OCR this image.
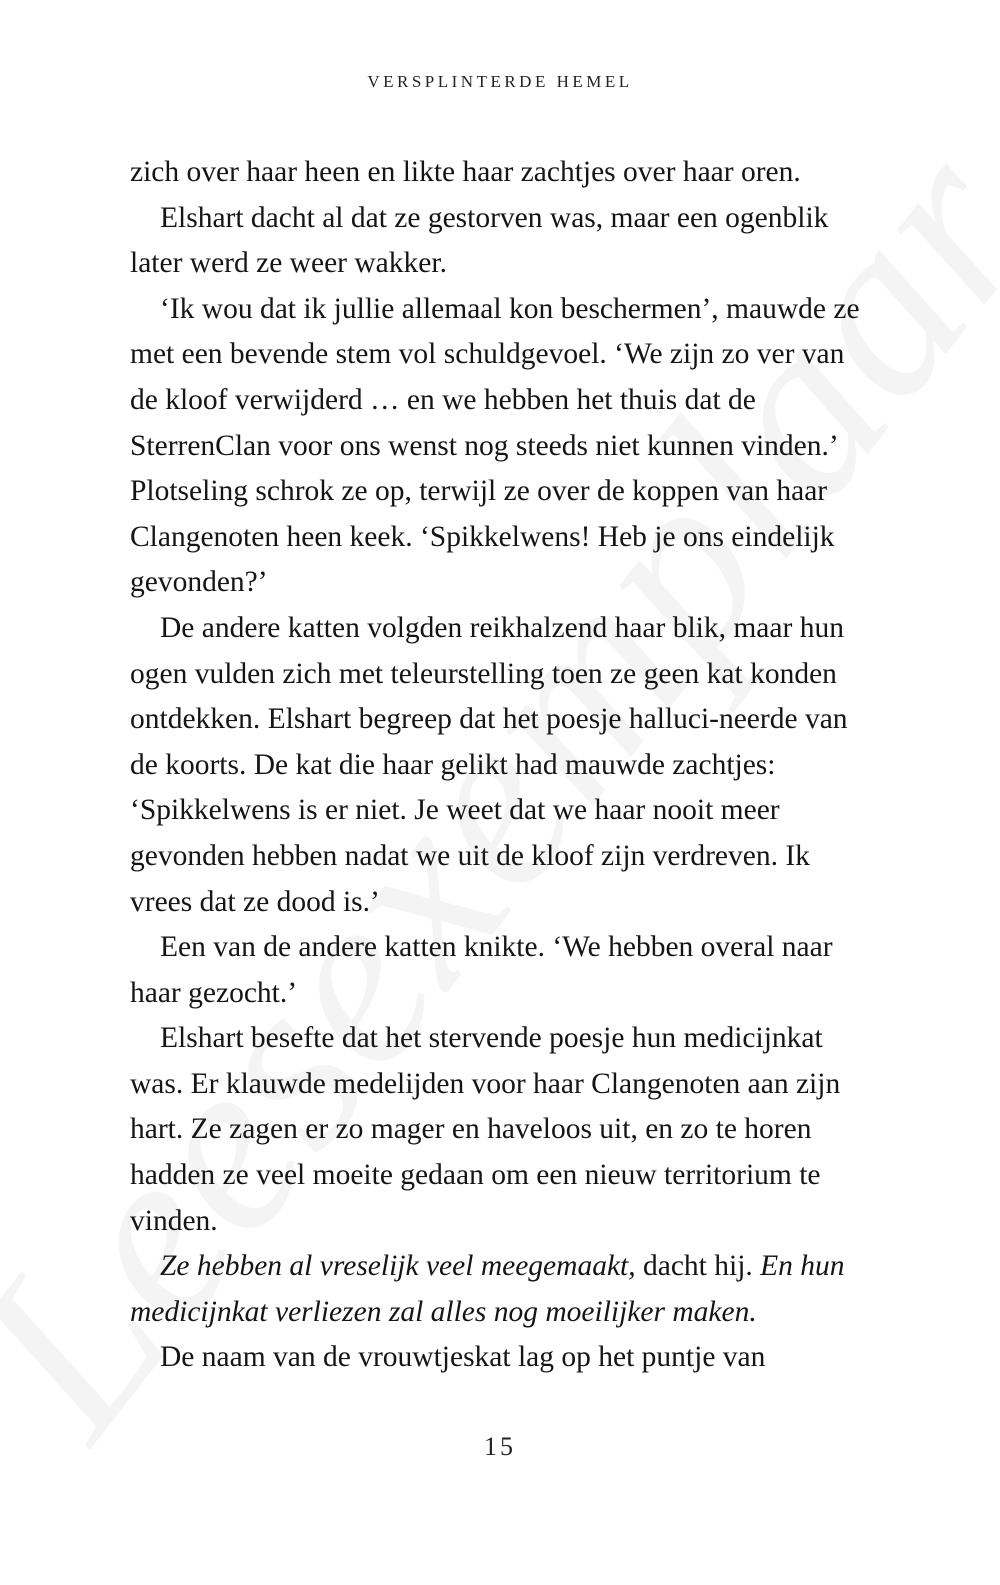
VERSPLINTERDE HEMEL

zich over haar heen en likte haar zachtjes over haar oren.

Elshart dacht al dat ze gestorven was, maar een ogenblik later werd ze weer wakker.

‘Ik wou dat ik jullie allemaal kon beschermen’, mauwde ze met een bevende stem vol schuldgevoel. ‘We zijn zo ver van de kloof verwijderd … en we hebben het thuis dat de SterrenClan voor ons wenst nog steeds niet kunnen vinden.’ Plotseling schrok ze op, terwijl ze over de koppen van haar Clangenoten heen keek. ‘Spikkelwens! Heb je ons eindelijk gevonden?’

De andere katten volgden reikhalzend haar blik, maar hun ogen vulden zich met teleurstelling toen ze geen kat konden ontdekken. Elshart begreep dat het poesje halluci-neerde van de koorts. De kat die haar gelikt had mauwde zachtjes: ‘Spikkelwens is er niet. Je weet dat we haar nooit meer gevonden hebben nadat we uit de kloof zijn verdreven. Ik vrees dat ze dood is.’

Een van de andere katten knikte. ‘We hebben overal naar haar gezocht.’

Elshart besefte dat het stervende poesje hun medicijnkat was. Er klauwde medelijden voor haar Clangenoten aan zijn hart. Ze zagen er zo mager en haveloos uit, en zo te horen hadden ze veel moeite gedaan om een nieuw territorium te vinden.

Ze hebben al vreselijk veel meegemaakt, dacht hij. En hun medicijnkat verliezen zal alles nog moeilijker maken.

De naam van de vrouwtjeskat lag op het puntje van

15
